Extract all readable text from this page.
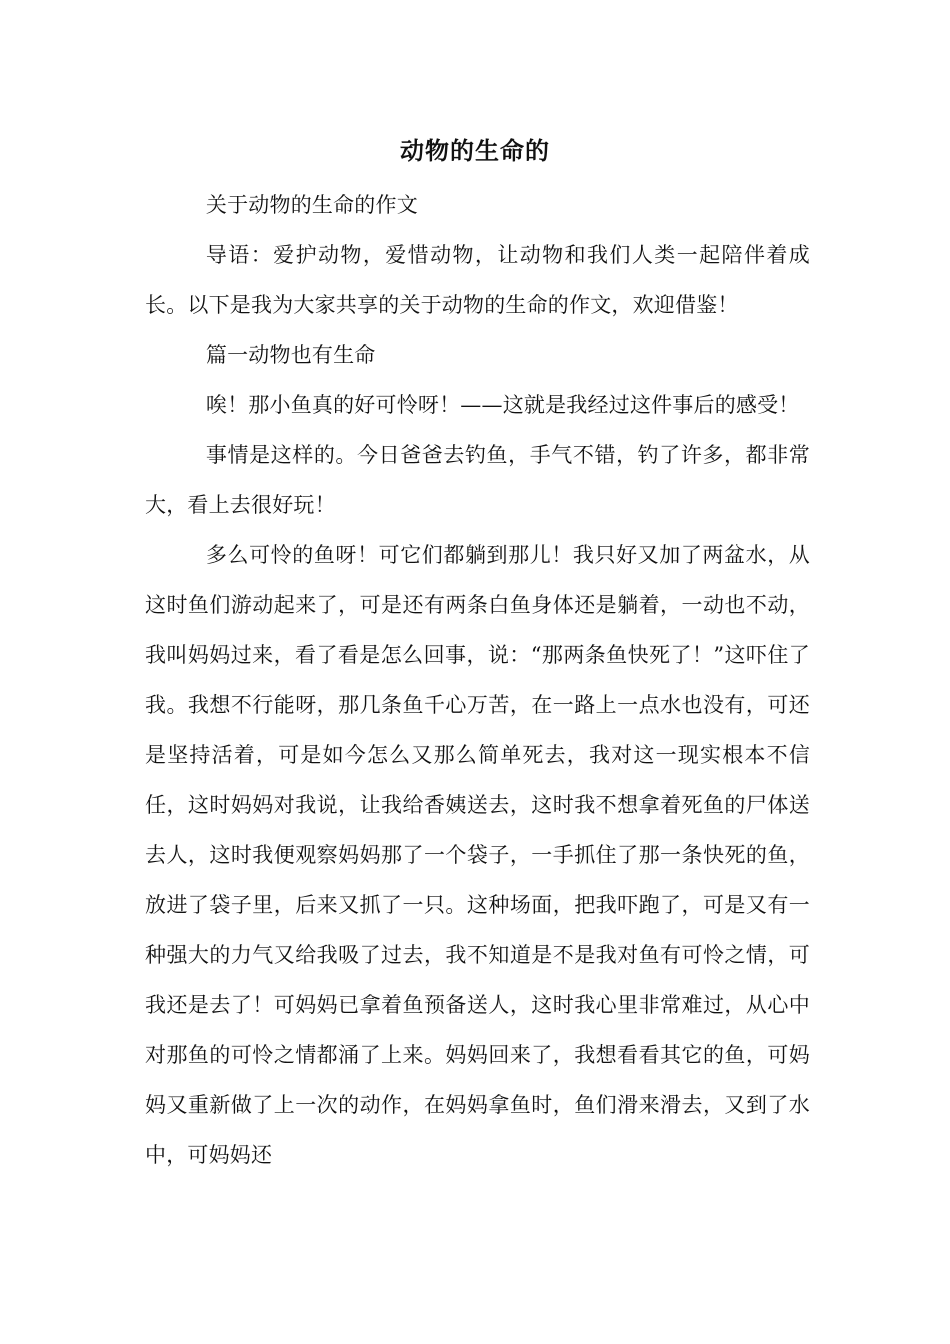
动物的生命的

关于动物的生命的作文

导语：爱护动物，爱惜动物，让动物和我们人类一起陪伴着成长。以下是我为大家共享的关于动物的生命的作文，欢迎借鉴！

篇一动物也有生命

唉！那小鱼真的好可怜呀！——这就是我经过这件事后的感受！

事情是这样的。今日爸爸去钓鱼，手气不错，钓了许多，都非常大，看上去很好玩！

多么可怜的鱼呀！可它们都躺到那儿！我只好又加了两盆水，从这时鱼们游动起来了，可是还有两条白鱼身体还是躺着，一动也不动，我叫妈妈过来，看了看是怎么回事，说：“那两条鱼快死了！”这吓住了我。我想不行能呀，那几条鱼千心万苦，在一路上一点水也没有，可还是坚持活着，可是如今怎么又那么简单死去，我对这一现实根本不信任，这时妈妈对我说，让我给香姨送去，这时我不想拿着死鱼的尸体送去人，这时我便观察妈妈那了一个袋子，一手抓住了那一条快死的鱼，放进了袋子里，后来又抓了一只。这种场面，把我吓跑了，可是又有一种强大的力气又给我吸了过去，我不知道是不是我对鱼有可怜之情，可我还是去了！可妈妈已拿着鱼预备送人，这时我心里非常难过，从心中对那鱼的可怜之情都涌了上来。妈妈回来了，我想看看其它的鱼，可妈妈又重新做了上一次的动作，在妈妈拿鱼时，鱼们滑来滑去，又到了水中，可妈妈还
